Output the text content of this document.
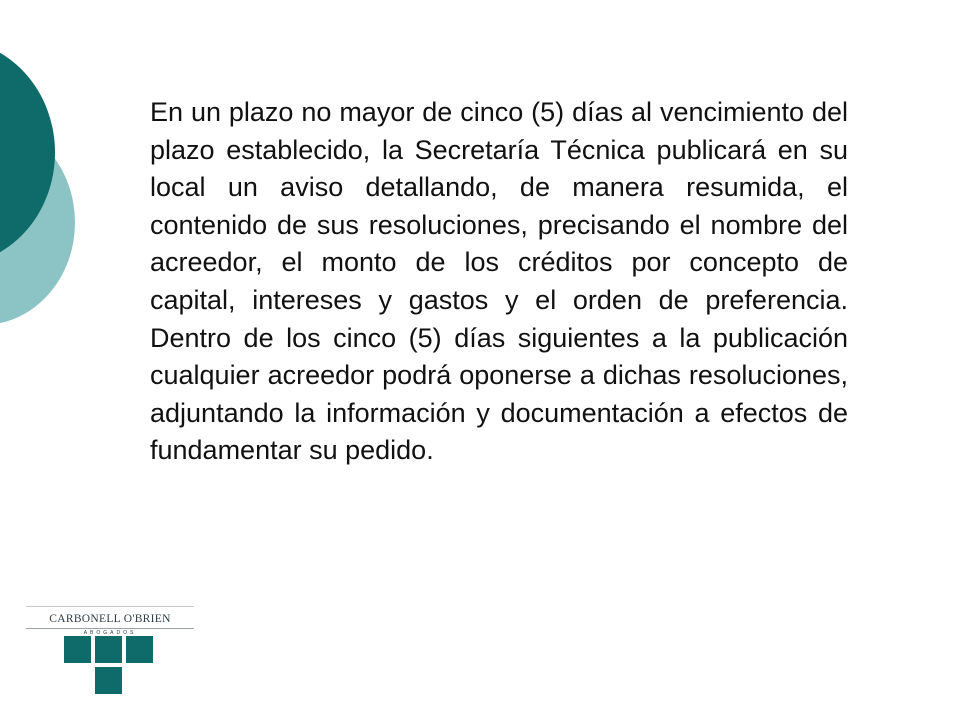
En un plazo no mayor de cinco (5) días al vencimiento del plazo establecido, la Secretaría Técnica publicará en su local un aviso detallando, de manera resumida, el contenido de sus resoluciones, precisando el nombre del acreedor, el monto de los créditos por concepto de capital, intereses y gastos y el orden de preferencia. Dentro de los cinco (5) días siguientes a la publicación cualquier acreedor podrá oponerse a dichas resoluciones, adjuntando la información y documentación a efectos de fundamentar su pedido.

CARBONELL O'BRIEN
ABOGADOS
